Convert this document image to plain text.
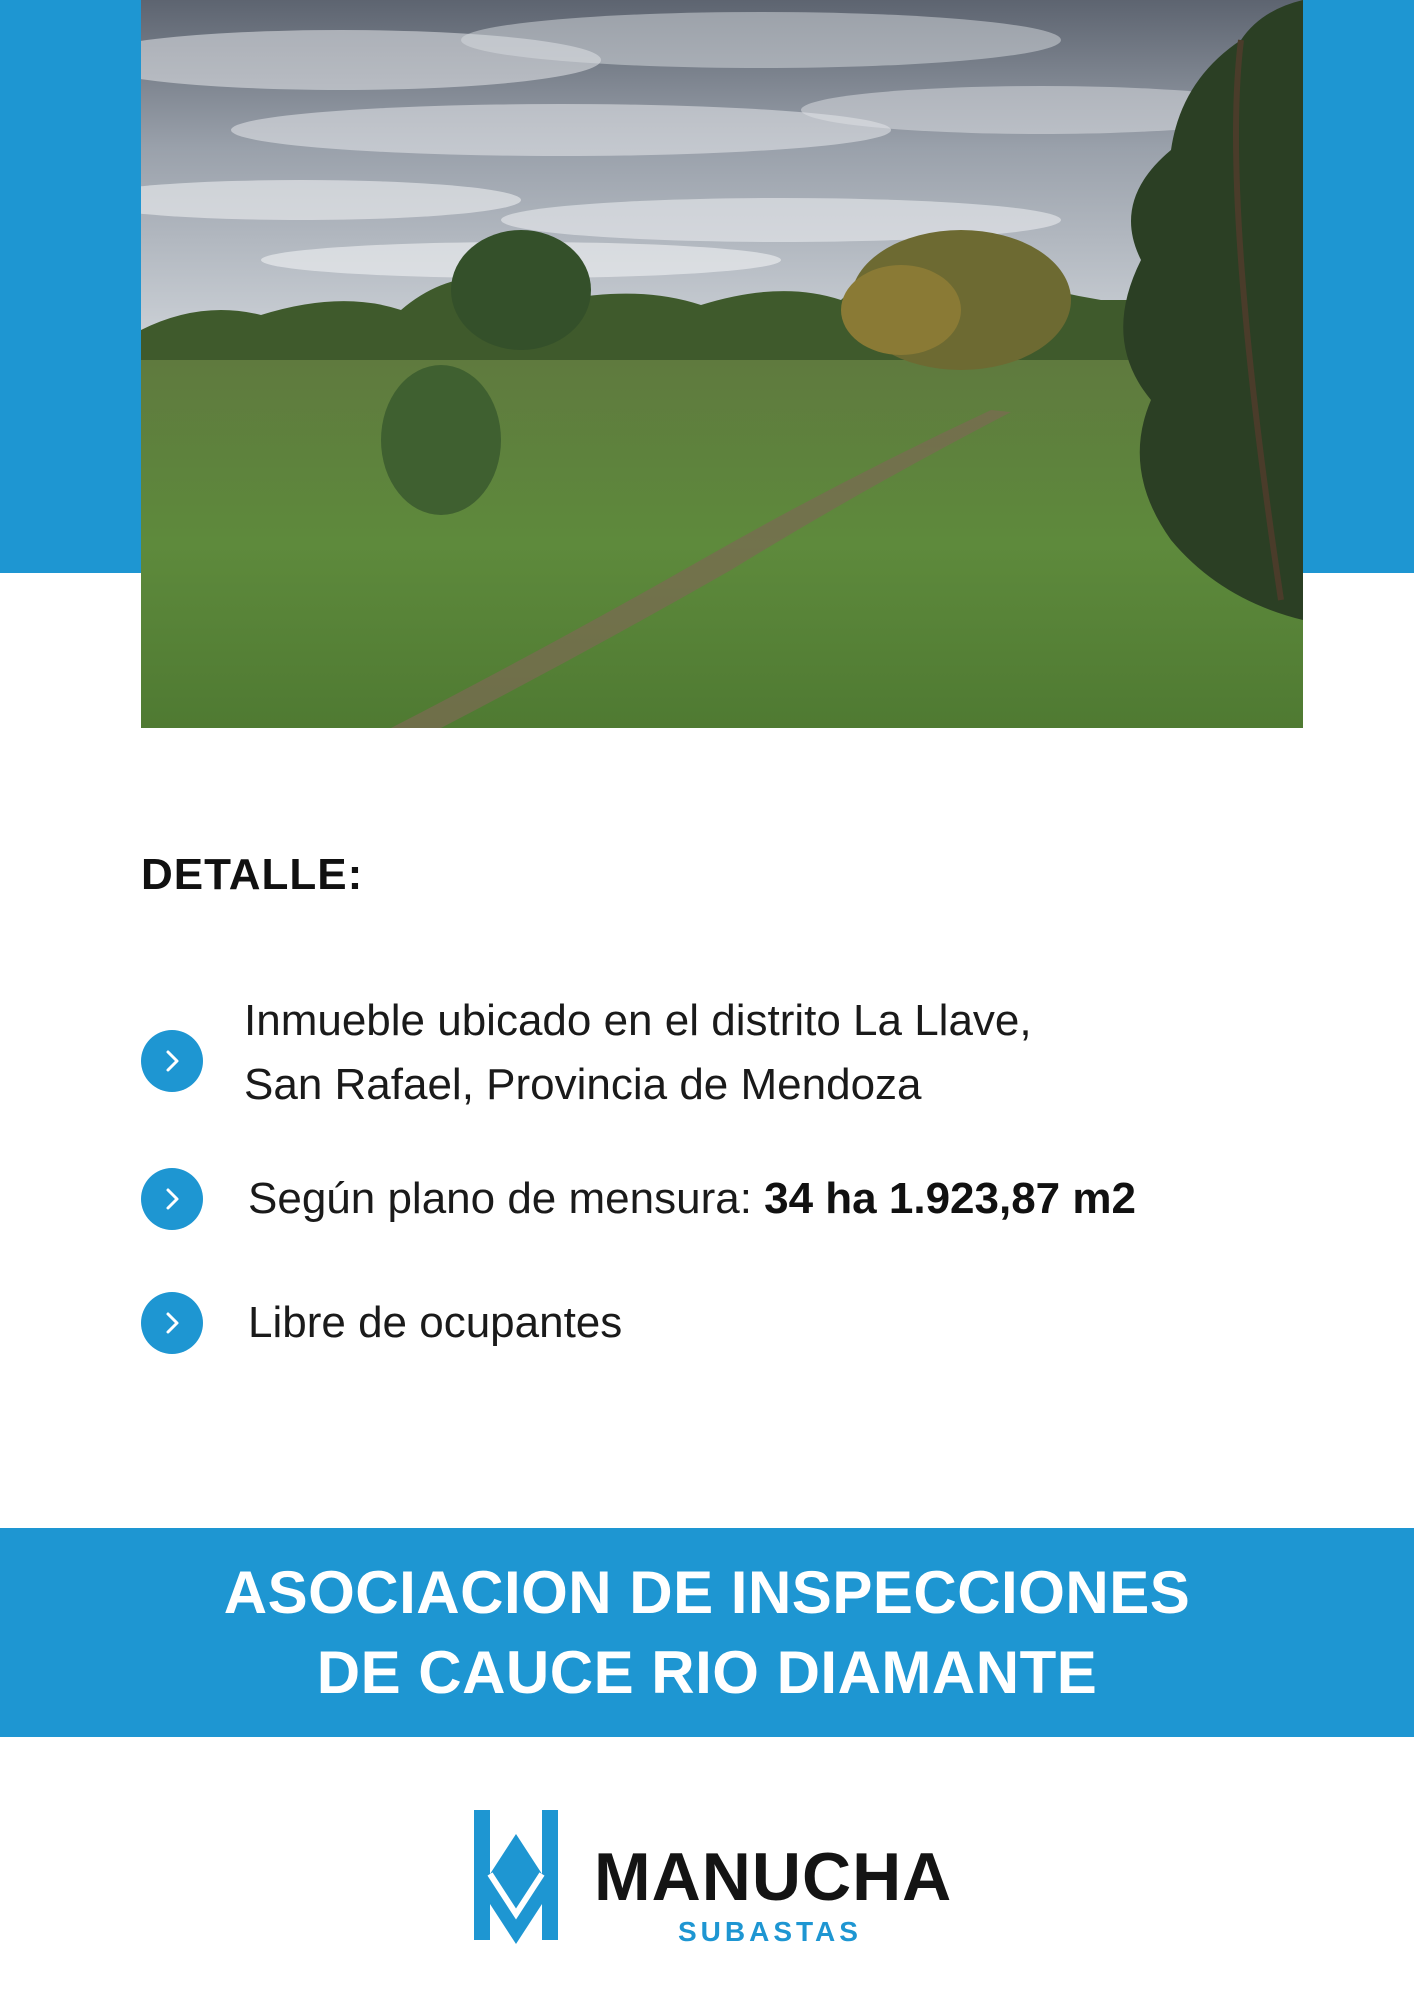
DETALLE:
Inmueble ubicado en el distrito La Llave,
San Rafael, Provincia de Mendoza
Según plano de mensura: 34 ha 1.923,87 m2
Libre de ocupantes
ASOCIACION DE INSPECCIONES
DE CAUCE RIO DIAMANTE
MANUCHA
SUBASTAS
